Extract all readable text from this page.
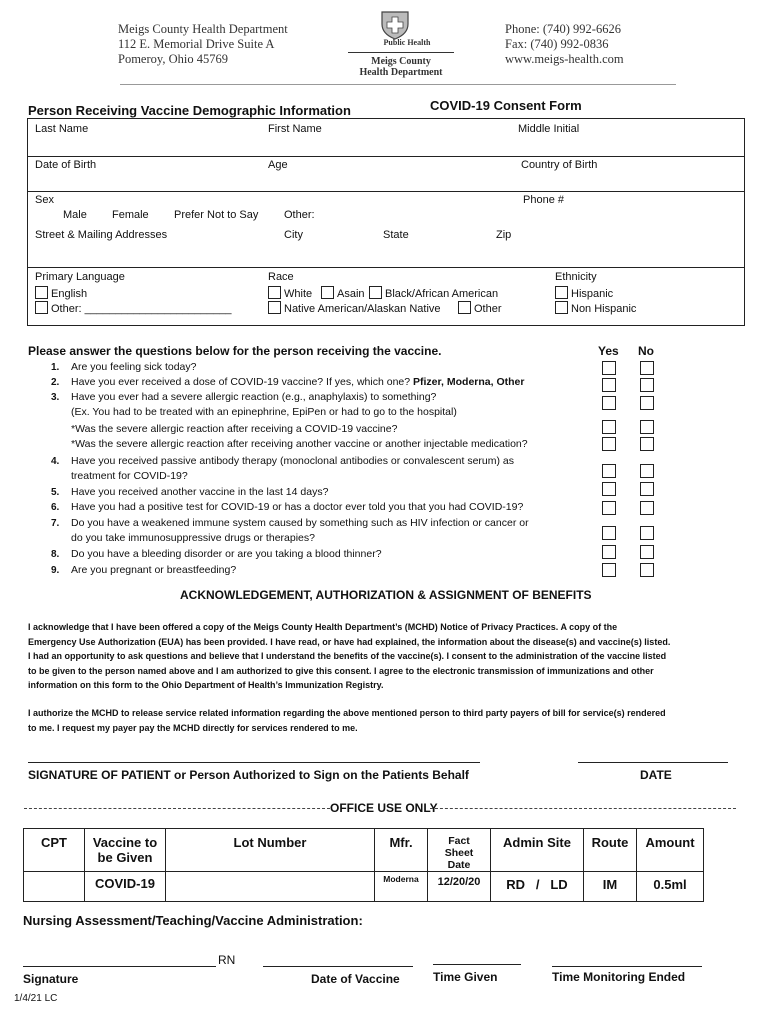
Meigs County Health Department
112 E. Memorial Drive Suite A
Pomeroy, Ohio 45769
Public Health
Meigs County
Health Department
Phone: (740) 992-6626
Fax: (740) 992-0836
www.meigs-health.com
Person Receiving Vaccine Demographic Information	COVID-19 Consent Form
Last Name	First Name	Middle Initial
Date of Birth	Age	Country of Birth
Sex
Male Female Prefer Not to Say Other:
Phone #
Street & Mailing Addresses	City	State	Zip
Primary Language
English
Other: ________________________
Race
White	Asain	Black/African American
Native American/Alaskan Native	Other
Ethnicity
Hispanic
Non Hispanic
Please answer the questions below for the person receiving the vaccine.	Yes No
1. Are you feeling sick today?
2. Have you ever received a dose of COVID-19 vaccine? If yes, which one? Pfizer, Moderna, Other
3. Have you ever had a severe allergic reaction (e.g., anaphylaxis) to something?
(Ex. You had to be treated with an epinephrine, EpiPen or had to go to the hospital)
*Was the severe allergic reaction after receiving a COVID-19 vaccine?
*Was the severe allergic reaction after receiving another vaccine or another injectable medication?
4. Have you received passive antibody therapy (monoclonal antibodies or convalescent serum) as
treatment for COVID-19?
5. Have you received another vaccine in the last 14 days?
6. Have you had a positive test for COVID-19 or has a doctor ever told you that you had COVID-19?
7. Do you have a weakened immune system caused by something such as HIV infection or cancer or
do you take immunosuppressive drugs or therapies?
8. Do you have a bleeding disorder or are you taking a blood thinner?
9. Are you pregnant or breastfeeding?
ACKNOWLEDGEMENT, AUTHORIZATION & ASSIGNMENT OF BENEFITS
I acknowledge that I have been offered a copy of the Meigs County Health Department’s (MCHD) Notice of Privacy Practices. A copy of the
Emergency Use Authorization (EUA) has been provided. I have read, or have had explained, the information about the disease(s) and vaccine(s) listed.
I had an opportunity to ask questions and believe that I understand the benefits of the vaccine(s). I consent to the administration of the vaccine listed
to be given to the person named above and I am authorized to give this consent. I agree to the electronic transmission of immunizations and other
information on this form to the Ohio Department of Health’s Immunization Registry.
I authorize the MCHD to release service related information regarding the above mentioned person to third party payers of bill for service(s) rendered
to me. I request my payer pay the MCHD directly for services rendered to me.
SIGNATURE OF PATIENT or Person Authorized to Sign on the Patients Behalf	DATE
OFFICE USE ONLY
CPT	Vaccine to be Given	Lot Number	Mfr.	Fact Sheet Date	Admin Site	Route	Amount

	COVID-19		Moderna	12/20/20	RD   /   LD	IM	0.5ml
Nursing Assessment/Teaching/Vaccine Administration:
RN
Signature	Date of Vaccine	Time Given	Time Monitoring Ended
1/4/21 LC
